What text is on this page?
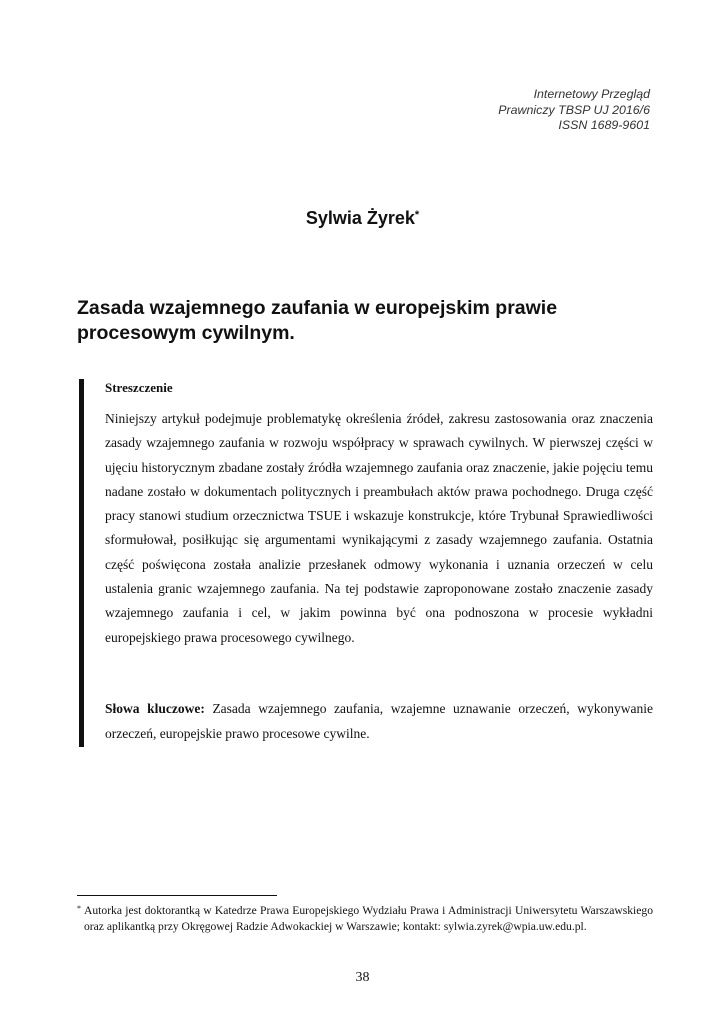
Internetowy Przegląd
Prawniczy TBSP UJ 2016/6
ISSN 1689-9601
Sylwia Żyrek*
Zasada wzajemnego zaufania w europejskim prawie procesowym cywilnym.

Streszczenie

Niniejszy artykuł podejmuje problematykę określenia źródeł, zakresu zastosowania oraz znaczenia zasady wzajemnego zaufania w rozwoju współpracy w sprawach cywilnych. W pierwszej części w ujęciu historycznym zbadane zostały źródła wzajemnego zaufania oraz znaczenie, jakie pojęciu temu nadane zostało w dokumentach politycznych i preambułach aktów prawa pochodnego. Druga część pracy stanowi studium orzecznictwa TSUE i wskazuje konstrukcje, które Trybunał Sprawiedliwości sformułował, posiłkując się argumentami wynikającymi z zasady wzajemnego zaufania. Ostatnia część poświęcona została analizie przesłanek odmowy wykonania i uznania orzeczeń w celu ustalenia granic wzajemnego zaufania. Na tej podstawie zaproponowane zostało znaczenie zasady wzajemnego zaufania i cel, w jakim powinna być ona podnoszona w procesie wykładni europejskiego prawa procesowego cywilnego.

Słowa kluczowe: Zasada wzajemnego zaufania, wzajemne uznawanie orzeczeń, wykonywanie orzeczeń, europejskie prawo procesowe cywilne.

* Autorka jest doktorantką w Katedrze Prawa Europejskiego Wydziału Prawa i Administracji Uniwersytetu Warszawskiego oraz aplikantką przy Okręgowej Radzie Adwokackiej w Warszawie; kontakt: sylwia.zyrek@wpia.uw.edu.pl.
38
